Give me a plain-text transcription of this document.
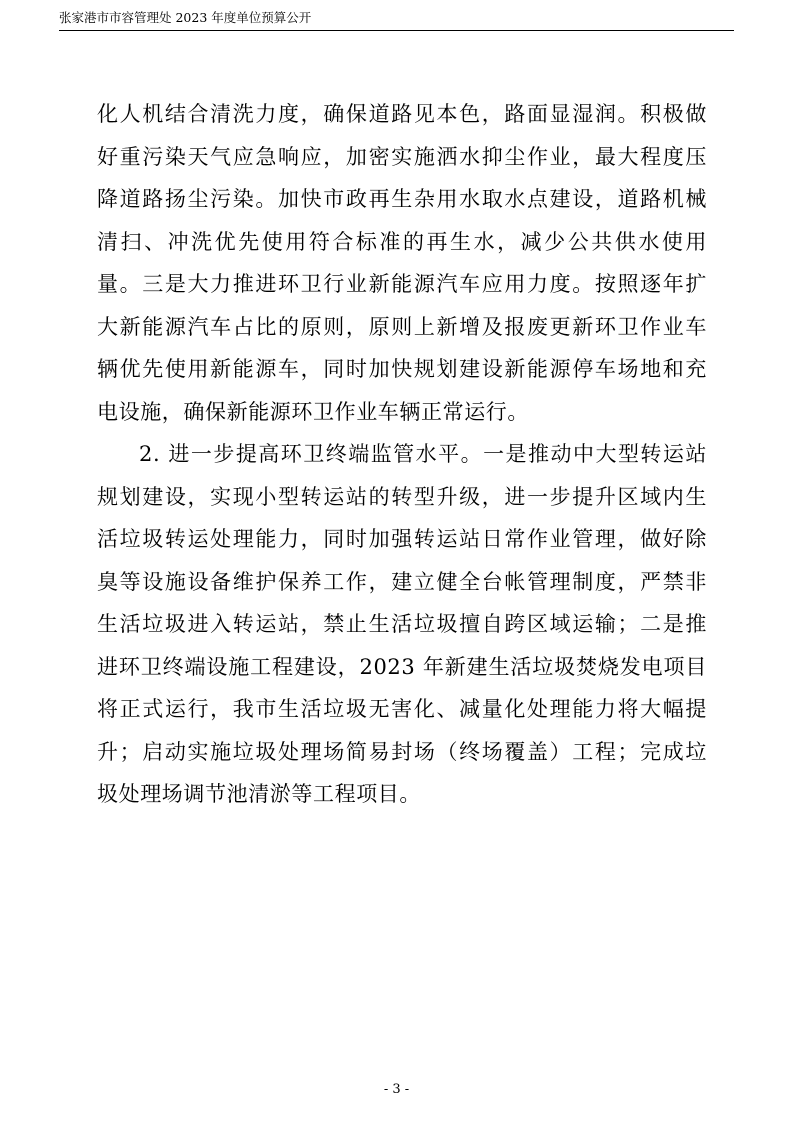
张家港市市容管理处 2023 年度单位预算公开
化人机结合清洗力度，确保道路见本色，路面显湿润。积极做
好重污染天气应急响应，加密实施洒水抑尘作业，最大程度压
降道路扬尘污染。加快市政再生杂用水取水点建设，道路机械
清扫、冲洗优先使用符合标准的再生水，减少公共供水使用
量。三是大力推进环卫行业新能源汽车应用力度。按照逐年扩
大新能源汽车占比的原则，原则上新增及报废更新环卫作业车
辆优先使用新能源车，同时加快规划建设新能源停车场地和充
电设施，确保新能源环卫作业车辆正常运行。
2. 进一步提高环卫终端监管水平。一是推动中大型转运站
规划建设，实现小型转运站的转型升级，进一步提升区域内生
活垃圾转运处理能力，同时加强转运站日常作业管理，做好除
臭等设施设备维护保养工作，建立健全台帐管理制度，严禁非
生活垃圾进入转运站，禁止生活垃圾擅自跨区域运输；二是推
进环卫终端设施工程建设，2023 年新建生活垃圾焚烧发电项目
将正式运行，我市生活垃圾无害化、减量化处理能力将大幅提
升；启动实施垃圾处理场简易封场（终场覆盖）工程；完成垃
圾处理场调节池清淤等工程项目。
- 3 -
